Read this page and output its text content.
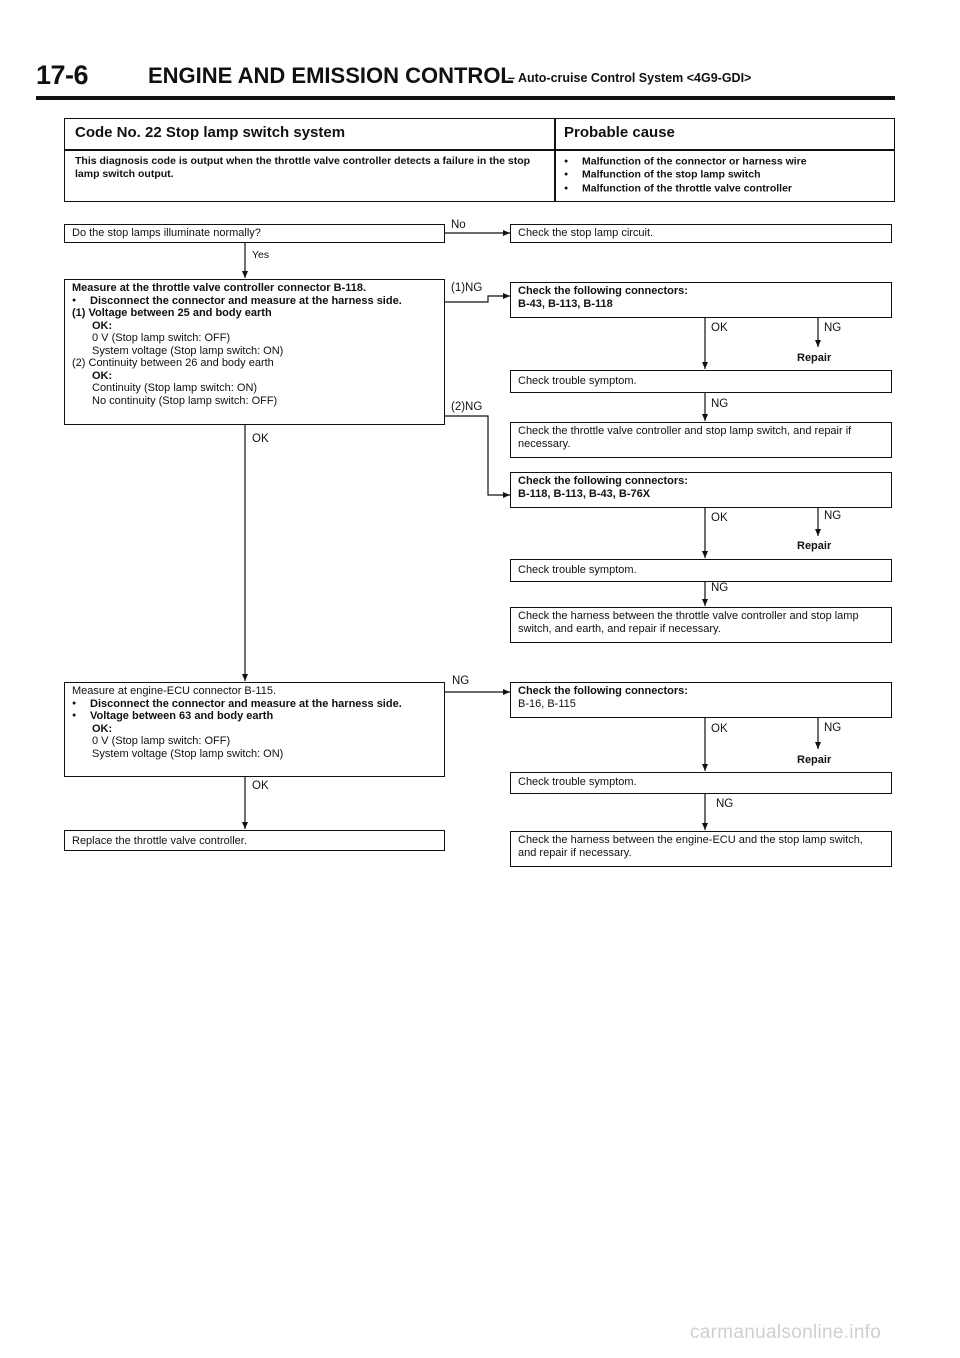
17-6	ENGINE AND EMISSION CONTROL
– Auto-cruise Control System <4G9-GDI>
Code No. 22 Stop lamp switch system	Probable cause
This diagnosis code is output when the throttle valve controller detects a failure in the stop lamp switch output.
● Malfunction of the connector or harness wire
● Malfunction of the stop lamp switch
● Malfunction of the throttle valve controller
Do the stop lamps illuminate normally?
No
Yes
Check the stop lamp circuit.
Measure at the throttle valve controller connector B-118.
● Disconnect the connector and measure at the harness side.
(1) Voltage between 25 and body earth
OK:
0 V (Stop lamp switch: OFF)
System voltage (Stop lamp switch: ON)
(2) Continuity between 26 and body earth
OK:
Continuity (Stop lamp switch: ON)
No continuity (Stop lamp switch: OFF)
(1)NG
(2)NG
OK
Check the following connectors:
B-43, B-113, B-118
OK	NG
Repair
Check trouble symptom.
NG
Check the throttle valve controller and stop lamp switch, and repair if necessary.
Check the following connectors:
B-118, B-113, B-43, B-76X
OK	NG
Repair
Check trouble symptom.
NG
Check the harness between the throttle valve controller and stop lamp switch, and earth, and repair if necessary.
Measure at engine-ECU connector B-115.
● Disconnect the connector and measure at the harness side.
● Voltage between 63 and body earth
OK:
0 V (Stop lamp switch: OFF)
System voltage (Stop lamp switch: ON)
NG
OK
Check the following connectors:
B-16, B-115
OK	NG
Repair
Check trouble symptom.
NG
Replace the throttle valve controller.	Check the harness between the engine-ECU and the stop lamp switch, and repair if necessary.
carmanualsonline.info
